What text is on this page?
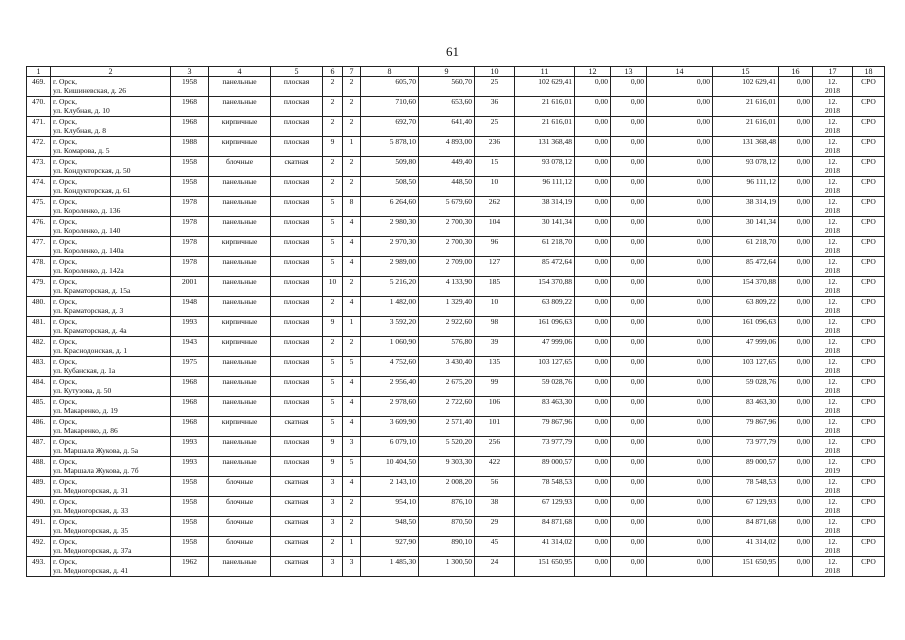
61
1	2	3	4	5	6	7	8	9	10	11	12	13	14	15	16	17	18
469.	г. Орск,
ул. Кишиневская, д. 26	1958	панельные	плоская	2	2	605,70	560,70	25	102 629,41	0,00	0,00	0,00	102 629,41	0,00	12.
2018	СРО
470.	г. Орск,
ул. Клубная, д. 10	1968	панельные	плоская	2	2	710,60	653,60	36	21 616,01	0,00	0,00	0,00	21 616,01	0,00	12.
2018	СРО
471.	г. Орск,
ул. Клубная, д. 8	1968	кирпичные	плоская	2	2	692,70	641,40	25	21 616,01	0,00	0,00	0,00	21 616,01	0,00	12.
2018	СРО
472.	г. Орск,
ул. Комарова, д. 5	1988	кирпичные	плоская	9	1	5 878,10	4 893,00	236	131 368,48	0,00	0,00	0,00	131 368,48	0,00	12.
2018	СРО
473.	г. Орск,
ул. Кондукторская, д. 50	1958	блочные	скатная	2	2	509,80	449,40	15	93 078,12	0,00	0,00	0,00	93 078,12	0,00	12.
2018	СРО
474.	г. Орск,
ул. Кондукторская, д. 61	1958	панельные	плоская	2	2	508,50	448,50	10	96 111,12	0,00	0,00	0,00	96 111,12	0,00	12.
2018	СРО
475.	г. Орск,
ул. Короленко, д. 136	1978	панельные	плоская	5	8	6 264,60	5 679,60	262	38 314,19	0,00	0,00	0,00	38 314,19	0,00	12.
2018	СРО
476.	г. Орск,
ул. Короленко, д. 140	1978	панельные	плоская	5	4	2 980,30	2 700,30	104	30 141,34	0,00	0,00	0,00	30 141,34	0,00	12.
2018	СРО
477.	г. Орск,
ул. Короленко, д. 140а	1978	кирпичные	плоская	5	4	2 970,30	2 700,30	96	61 218,70	0,00	0,00	0,00	61 218,70	0,00	12.
2018	СРО
478.	г. Орск,
ул. Короленко, д. 142а	1978	панельные	плоская	5	4	2 989,00	2 709,00	127	85 472,64	0,00	0,00	0,00	85 472,64	0,00	12.
2018	СРО
479.	г. Орск,
ул. Краматорская, д. 15а	2001	панельные	плоская	10	2	5 216,20	4 133,90	185	154 370,88	0,00	0,00	0,00	154 370,88	0,00	12.
2018	СРО
480.	г. Орск,
ул. Краматорская, д. 3	1948	панельные	плоская	2	4	1 482,00	1 329,40	10	63 809,22	0,00	0,00	0,00	63 809,22	0,00	12.
2018	СРО
481.	г. Орск,
ул. Краматорская, д. 4а	1993	кирпичные	плоская	9	1	3 592,20	2 922,60	98	161 096,63	0,00	0,00	0,00	161 096,63	0,00	12.
2018	СРО
482.	г. Орск,
ул. Краснодонская, д. 1	1943	кирпичные	плоская	2	2	1 060,90	576,80	39	47 999,06	0,00	0,00	0,00	47 999,06	0,00	12.
2018	СРО
483.	г. Орск,
ул. Кубанская, д. 1а	1975	панельные	плоская	5	5	4 752,60	3 430,40	135	103 127,65	0,00	0,00	0,00	103 127,65	0,00	12.
2018	СРО
484.	г. Орск,
ул. Кутузова, д. 50	1968	панельные	плоская	5	4	2 956,40	2 675,20	99	59 028,76	0,00	0,00	0,00	59 028,76	0,00	12.
2018	СРО
485.	г. Орск,
ул. Макаренко, д. 19	1968	панельные	плоская	5	4	2 978,60	2 722,60	106	83 463,30	0,00	0,00	0,00	83 463,30	0,00	12.
2018	СРО
486.	г. Орск,
ул. Макаренко, д. 86	1968	кирпичные	скатная	5	4	3 609,90	2 571,40	101	79 867,96	0,00	0,00	0,00	79 867,96	0,00	12.
2018	СРО
487.	г. Орск,
ул. Маршала Жукова, д. 5а	1993	панельные	плоская	9	3	6 079,10	5 520,20	256	73 977,79	0,00	0,00	0,00	73 977,79	0,00	12.
2018	СРО
488.	г. Орск,
ул. Маршала Жукова, д. 7б	1993	панельные	плоская	9	5	10 404,50	9 303,30	422	89 000,57	0,00	0,00	0,00	89 000,57	0,00	12.
2019	СРО
489.	г. Орск,
ул. Медногорская, д. 31	1958	блочные	скатная	3	4	2 143,10	2 008,20	56	78 548,53	0,00	0,00	0,00	78 548,53	0,00	12.
2018	СРО
490.	г. Орск,
ул. Медногорская, д. 33	1958	блочные	скатная	3	2	954,10	876,10	38	67 129,93	0,00	0,00	0,00	67 129,93	0,00	12.
2018	СРО
491.	г. Орск,
ул. Медногорская, д. 35	1958	блочные	скатная	3	2	948,50	870,50	29	84 871,68	0,00	0,00	0,00	84 871,68	0,00	12.
2018	СРО
492.	г. Орск,
ул. Медногорская, д. 37а	1958	блочные	скатная	2	1	927,90	890,10	45	41 314,02	0,00	0,00	0,00	41 314,02	0,00	12.
2018	СРО
493.	г. Орск,
ул. Медногорская, д. 41	1962	панельные	скатная	3	3	1 485,30	1 300,50	24	151 650,95	0,00	0,00	0,00	151 650,95	0,00	12.
2018	СРО
